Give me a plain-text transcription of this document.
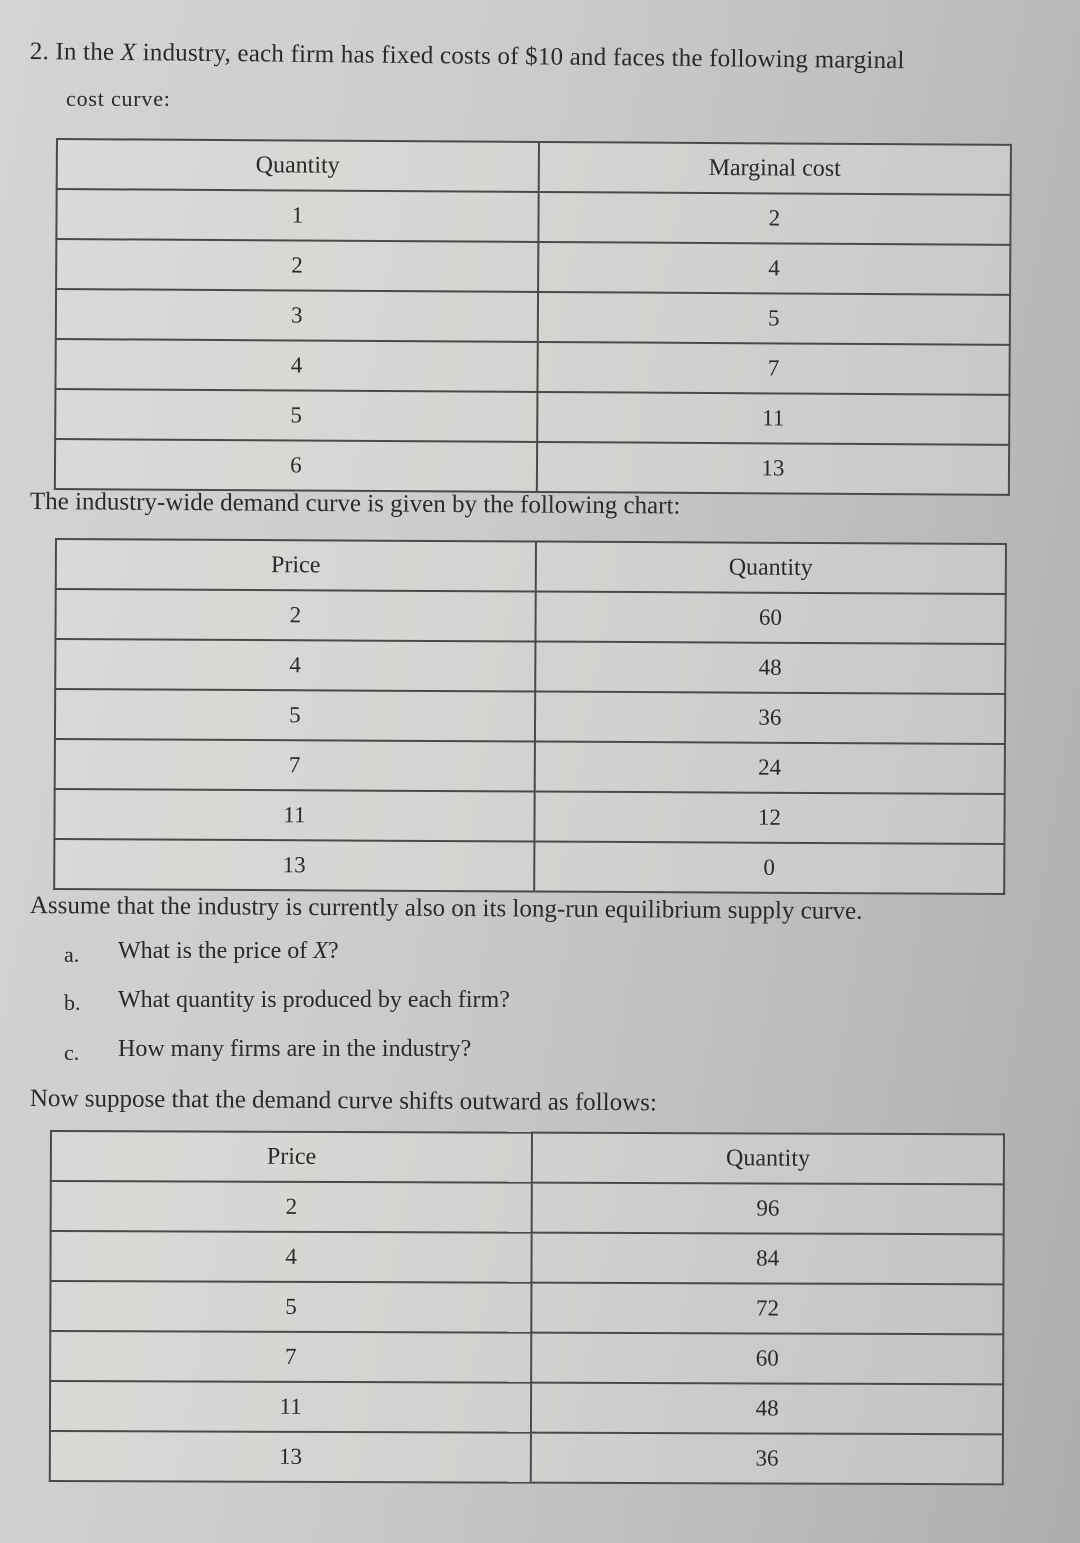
2. In the X industry, each firm has fixed costs of $10 and faces the following marginal
cost curve:
Quantity	Marginal cost
1	2
2	4
3	5
4	7
5	11
6	13
The industry-wide demand curve is given by the following chart:
Price	Quantity
2	60
4	48
5	36
7	24
11	12
13	0
Assume that the industry is currently also on its long-run equilibrium supply curve.
a. What is the price of X?
b. What quantity is produced by each firm?
c. How many firms are in the industry?
Now suppose that the demand curve shifts outward as follows:
Price	Quantity
2	96
4	84
5	72
7	60
11	48
13	36
